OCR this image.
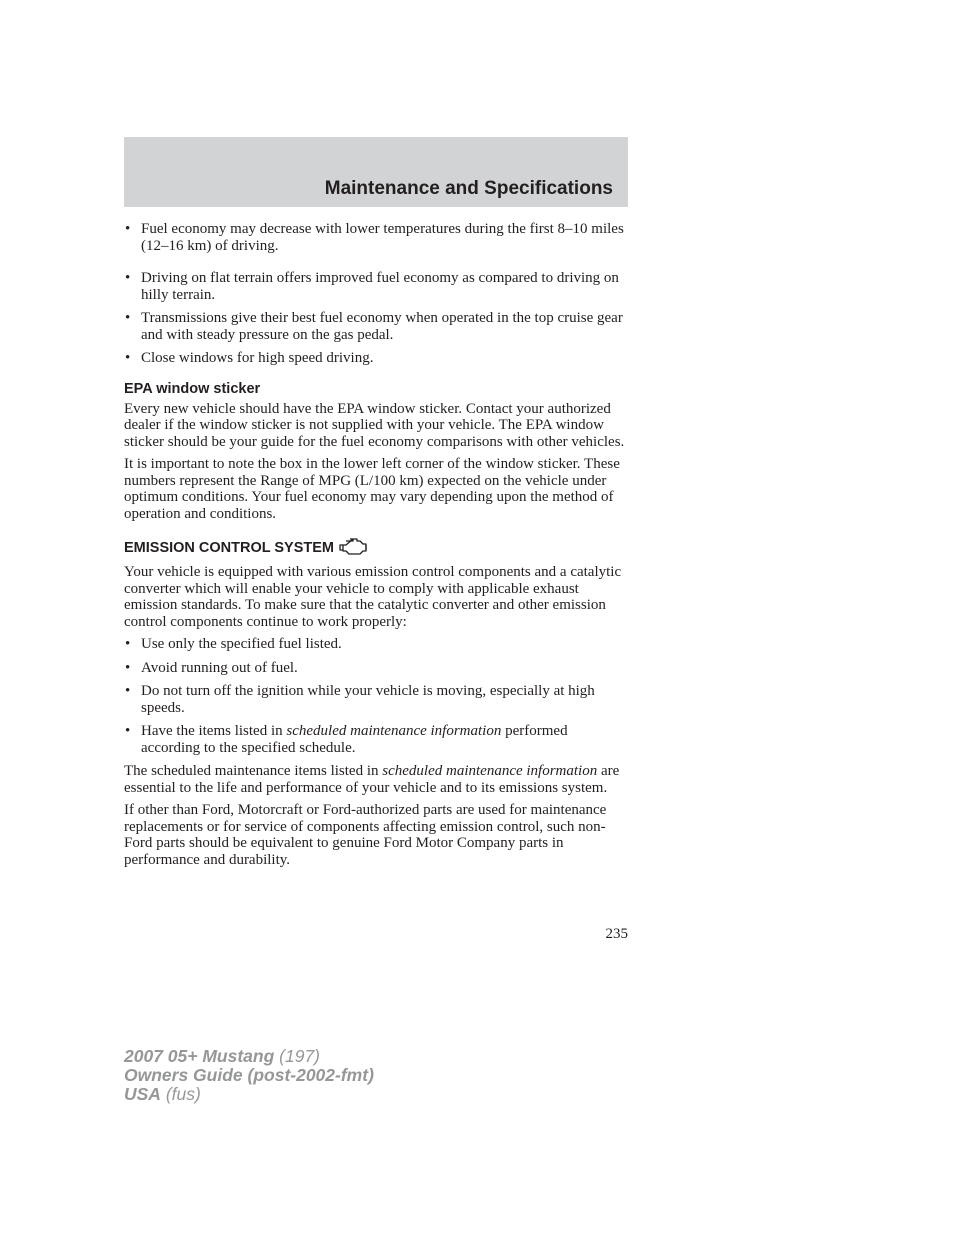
Maintenance and Specifications
• Fuel economy may decrease with lower temperatures during the first 8–10 miles (12–16 km) of driving.
• Driving on flat terrain offers improved fuel economy as compared to driving on hilly terrain.
• Transmissions give their best fuel economy when operated in the top cruise gear and with steady pressure on the gas pedal.
• Close windows for high speed driving.
EPA window sticker

Every new vehicle should have the EPA window sticker. Contact your authorized dealer if the window sticker is not supplied with your vehicle. The EPA window sticker should be your guide for the fuel economy comparisons with other vehicles.

It is important to note the box in the lower left corner of the window sticker. These numbers represent the Range of MPG (L/100 km) expected on the vehicle under optimum conditions. Your fuel economy may vary depending upon the method of operation and conditions.

EMISSION CONTROL SYSTEM

Your vehicle is equipped with various emission control components and a catalytic converter which will enable your vehicle to comply with applicable exhaust emission standards. To make sure that the catalytic converter and other emission control components continue to work properly:

• Use only the specified fuel listed.
• Avoid running out of fuel.
• Do not turn off the ignition while your vehicle is moving, especially at high speeds.
• Have the items listed in scheduled maintenance information performed according to the specified schedule.

The scheduled maintenance items listed in scheduled maintenance information are essential to the life and performance of your vehicle and to its emissions system.

If other than Ford, Motorcraft or Ford-authorized parts are used for maintenance replacements or for service of components affecting emission control, such non-Ford parts should be equivalent to genuine Ford Motor Company parts in performance and durability.

235
2007 05+ Mustang (197)
Owners Guide (post-2002-fmt)
USA (fus)
